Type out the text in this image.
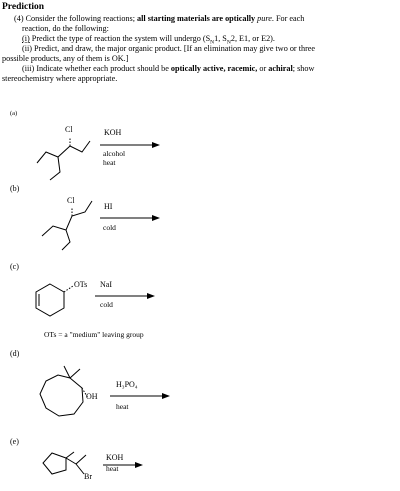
Prediction

(4) Consider the following reactions; all starting materials are optically pure. For each

reaction, do the following:

(i) Predict the type of reaction the system will undergo ($S_N1$, $S_N2$, E1, or E2).

(ii) Predict, and draw, the major organic product. [If an elimination may give two or three

possible products, any of them is OK.]

(iii) Indicate whether each product should be optically active, racemic, or achiral; show

stereochemistry where appropriate.

(a)

Cl	KOH

alcohol

heat

(b)

Cl

HI

cold

(c)

OTs NaI

cold

OTs = a "medium" leaving group

(d)

OH

H₃PO₄

heat

(e)

Br

KOH

heat
